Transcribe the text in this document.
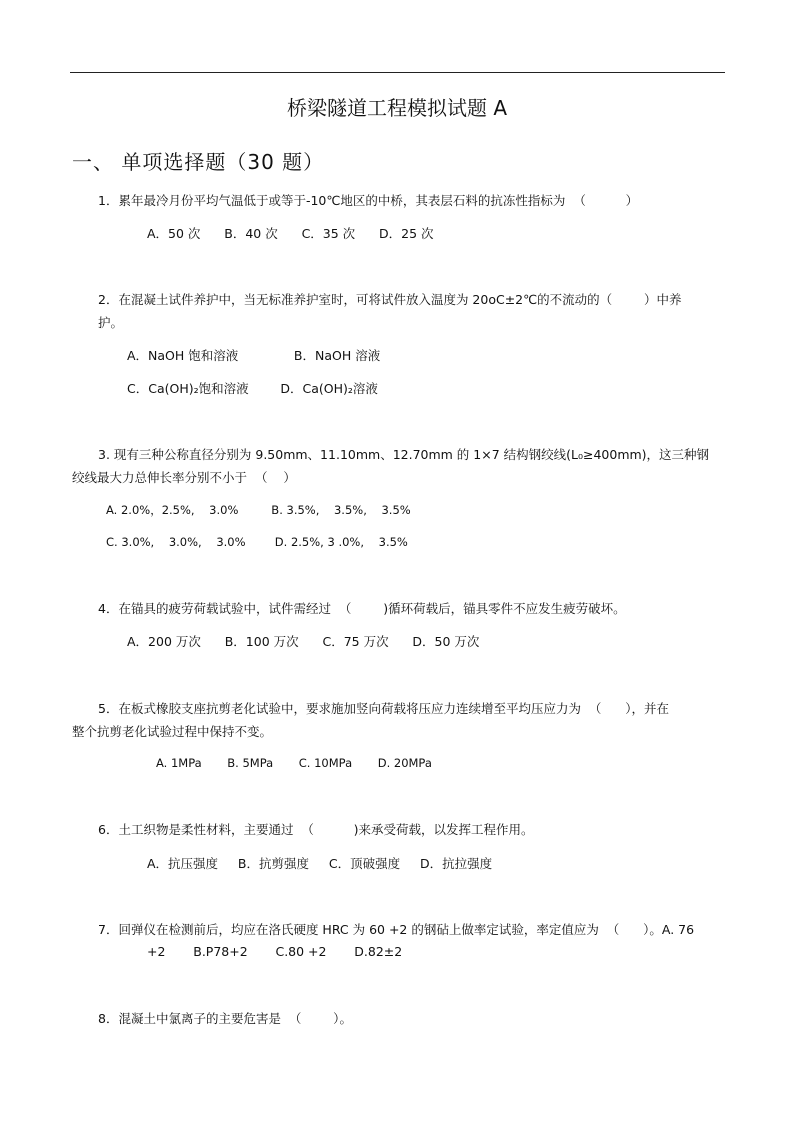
桥梁隧道工程模拟试题 A
一、 单项选择题（30 题）
1．累年最冷月份平均气温低于或等于-10℃地区的中桥，其表层石料的抗冻性指标为  （          ）
A．50 次      B．40 次      C．35 次      D．25 次
2．在混凝土试件养护中，当无标准养护室时，可将试件放入温度为 20oC±2℃的不流动的（        ）中养
护。
A．NaOH 饱和溶液              B．NaOH 溶液
C．Ca(OH)₂饱和溶液        D．Ca(OH)₂溶液
3. 现有三种公称直径分别为 9.50mm、11.10mm、12.70mm 的 1×7 结构钢绞线(L₀≥400mm)，这三种钢
绞线最大力总伸长率分别不小于  （    ）
A. 2.0%，2.5%,    3.0%         B. 3.5%,    3.5%,    3.5%
C. 3.0%,    3.0%,    3.0%        D. 2.5%, 3 .0%,    3.5%
4．在锚具的疲劳荷载试验中，试件需经过  （        )循环荷载后，锚具零件不应发生疲劳破坏。
A．200 万次      B．100 万次      C．75 万次      D．50 万次
5．在板式橡胶支座抗剪老化试验中，要求施加竖向荷载将压应力连续增至平均压应力为  （      ），并在
整个抗剪老化试验过程中保持不变。
A. 1MPa       B. 5MPa       C. 10MPa       D. 20MPa
6．土工织物是柔性材料，主要通过  （          )来承受荷载，以发挥工程作用。
A．抗压强度     B．抗剪强度     C．顶破强度     D．抗拉强度
7．回弹仪在检测前后，均应在洛氏硬度 HRC 为 60 +2 的钢砧上做率定试验，率定值应为  （      ）。A. 76
+2       B.P78+2       C.80 +2       D.82±2
8．混凝土中氯离子的主要危害是  （        ）。
